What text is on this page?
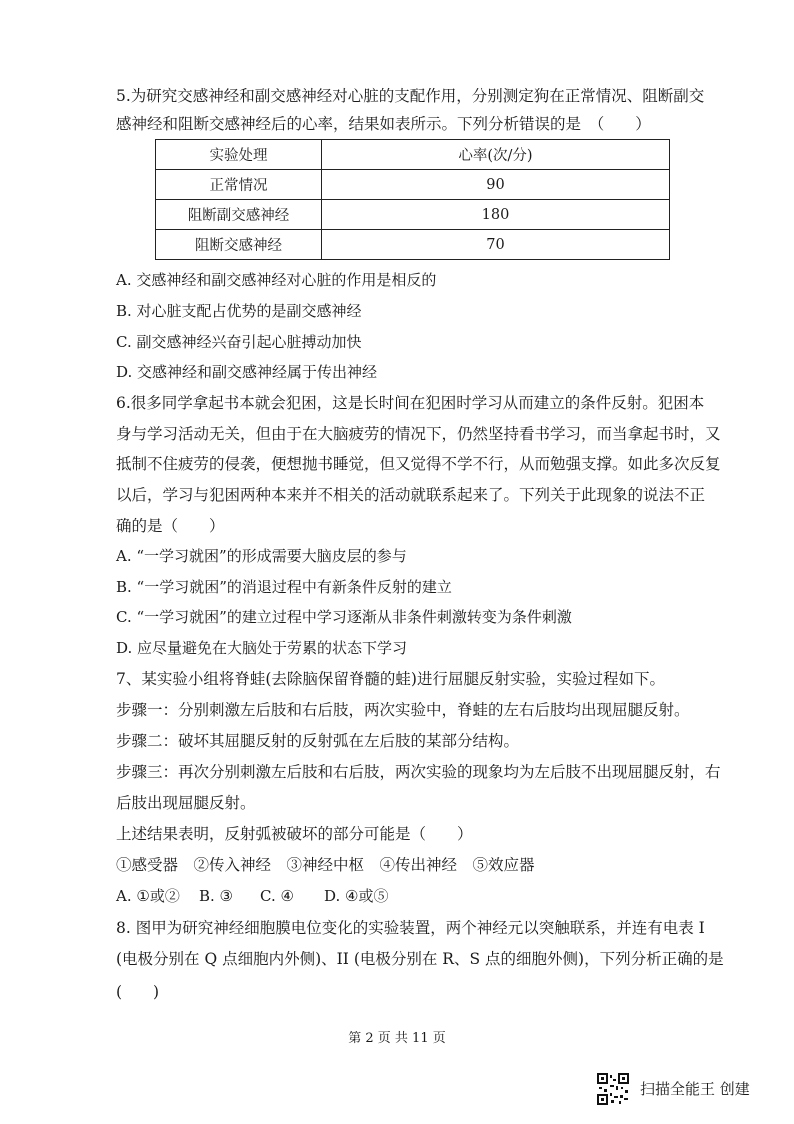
5.为研究交感神经和副交感神经对心脏的支配作用，分别测定狗在正常情况、阻断副交

感神经和阻断交感神经后的心率，结果如表所示。下列分析错误的是　（　　）

实验处理	心率(次/分)
正常情况	90
阻断副交感神经	180
阻断交感神经	70

A. 交感神经和副交感神经对心脏的作用是相反的

B. 对心脏支配占优势的是副交感神经

C. 副交感神经兴奋引起心脏搏动加快

D. 交感神经和副交感神经属于传出神经

6.很多同学拿起书本就会犯困，这是长时间在犯困时学习从而建立的条件反射。犯困本

身与学习活动无关，但由于在大脑疲劳的情况下，仍然坚持看书学习，而当拿起书时，又

抵制不住疲劳的侵袭，便想抛书睡觉，但又觉得不学不行，从而勉强支撑。如此多次反复

以后，学习与犯困两种本来并不相关的活动就联系起来了。下列关于此现象的说法不正

确的是（　　）

A. “一学习就困”的形成需要大脑皮层的参与

B. “一学习就困”的消退过程中有新条件反射的建立

C. “一学习就困”的建立过程中学习逐渐从非条件刺激转变为条件刺激

D. 应尽量避免在大脑处于劳累的状态下学习

7、某实验小组将脊蛙(去除脑保留脊髓的蛙)进行屈腿反射实验，实验过程如下。

步骤一：分别刺激左后肢和右后肢，两次实验中，脊蛙的左右后肢均出现屈腿反射。

步骤二：破坏其屈腿反射的反射弧在左后肢的某部分结构。

步骤三：再次分别刺激左后肢和右后肢，两次实验的现象均为左后肢不出现屈腿反射，右

后肢出现屈腿反射。

上述结果表明，反射弧被破坏的部分可能是（　　）

①感受器　②传入神经　③神经中枢　④传出神经　⑤效应器

A. ①或② B. ③ C. ④ D. ④或⑤

8. 图甲为研究神经细胞膜电位变化的实验装置，两个神经元以突触联系，并连有电表 I

(电极分别在 Q 点细胞内外侧)、II (电极分别在 R、S 点的细胞外侧)，下列分析正确的是

(　　)

第 2 页 共 11 页
扫描全能王 创建
